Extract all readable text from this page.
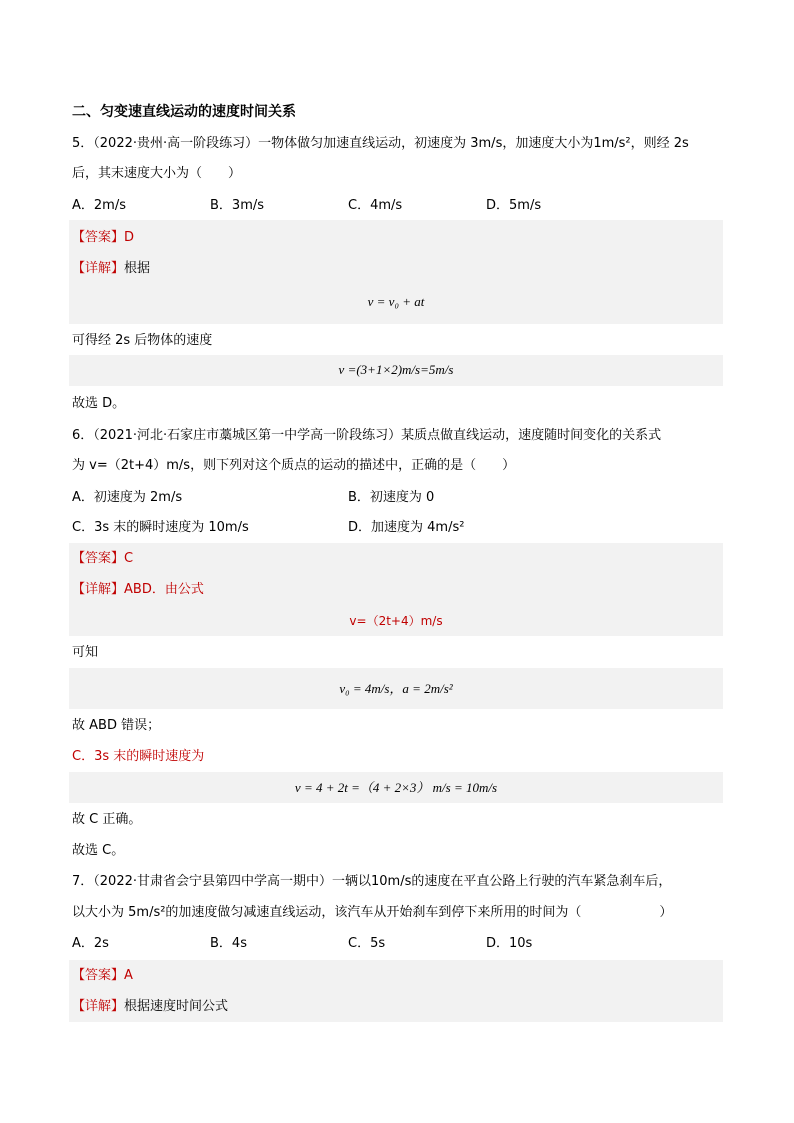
二、匀变速直线运动的速度时间关系
5．（2022·贵州·高一阶段练习）一物体做匀加速直线运动，初速度为 3m/s，加速度大小为1m/s²，则经 2s
后，其末速度大小为（　　）
A．2m/s	B．3m/s	C．4m/s	D．5m/s
【答案】D
【详解】根据
v = v₀ + at
可得经 2s 后物体的速度
v =(3+1×2)m/s=5m/s
故选 D。
6．（2021·河北·石家庄市藁城区第一中学高一阶段练习）某质点做直线运动，速度随时间变化的关系式
为 v=（2t+4）m/s，则下列对这个质点的运动的描述中，正确的是（　　）
A．初速度为 2m/s	B．初速度为 0
C．3s 末的瞬时速度为 10m/s	D．加速度为 4m/s²
【答案】C
【详解】ABD．由公式
v=（2t+4）m/s
可知
v₀ = 4m/s，a = 2m/s²
故 ABD 错误；
C．3s 末的瞬时速度为
v = 4 + 2t =（4 + 2×3） m/s = 10m/s
故 C 正确。
故选 C。
7．（2022·甘肃省会宁县第四中学高一期中）一辆以10m/s的速度在平直公路上行驶的汽车紧急刹车后，
以大小为 5m/s²的加速度做匀减速直线运动，该汽车从开始刹车到停下来所用的时间为（　　　　　　）
A．2s	B．4s	C．5s	D．10s
【答案】A
【详解】根据速度时间公式
